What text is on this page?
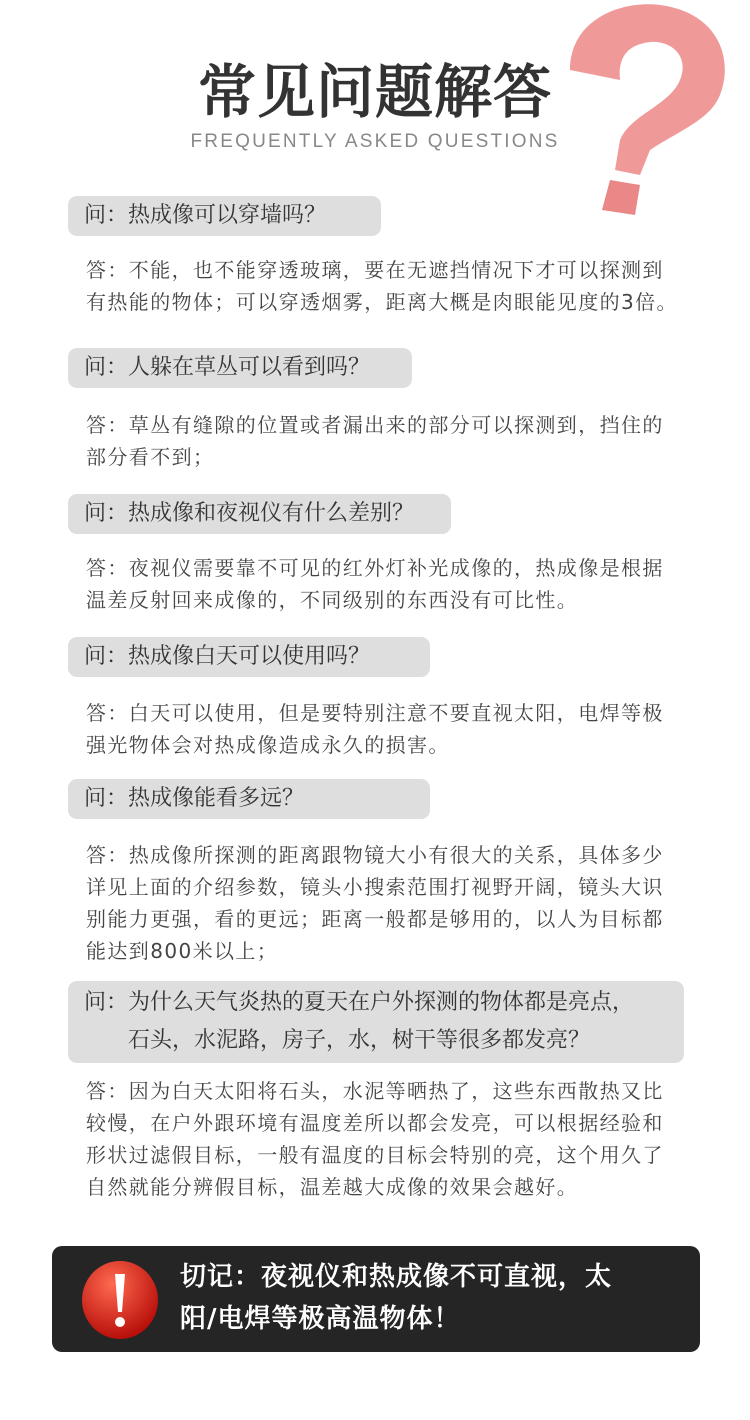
常见问题解答
FREQUENTLY ASKED QUESTIONS
问：热成像可以穿墙吗？
答：不能，也不能穿透玻璃，要在无遮挡情况下才可以探测到
有热能的物体；可以穿透烟雾，距离大概是肉眼能见度的3倍。
问：人躲在草丛可以看到吗？
答：草丛有缝隙的位置或者漏出来的部分可以探测到，挡住的
部分看不到；
问：热成像和夜视仪有什么差别？
答：夜视仪需要靠不可见的红外灯补光成像的，热成像是根据
温差反射回来成像的，不同级别的东西没有可比性。
问：热成像白天可以使用吗？
答：白天可以使用，但是要特别注意不要直视太阳，电焊等极
强光物体会对热成像造成永久的损害。
问：热成像能看多远？
答：热成像所探测的距离跟物镜大小有很大的关系，具体多少
详见上面的介绍参数，镜头小搜索范围打视野开阔，镜头大识
别能力更强，看的更远；距离一般都是够用的，以人为目标都
能达到800米以上；
问：为什么天气炎热的夏天在户外探测的物体都是亮点，
　　石头，水泥路，房子，水，树干等很多都发亮？
答：因为白天太阳将石头，水泥等晒热了，这些东西散热又比
较慢，在户外跟环境有温度差所以都会发亮，可以根据经验和
形状过滤假目标，一般有温度的目标会特别的亮，这个用久了
自然就能分辨假目标，温差越大成像的效果会越好。
切记：夜视仪和热成像不可直视，太
阳/电焊等极高温物体！
